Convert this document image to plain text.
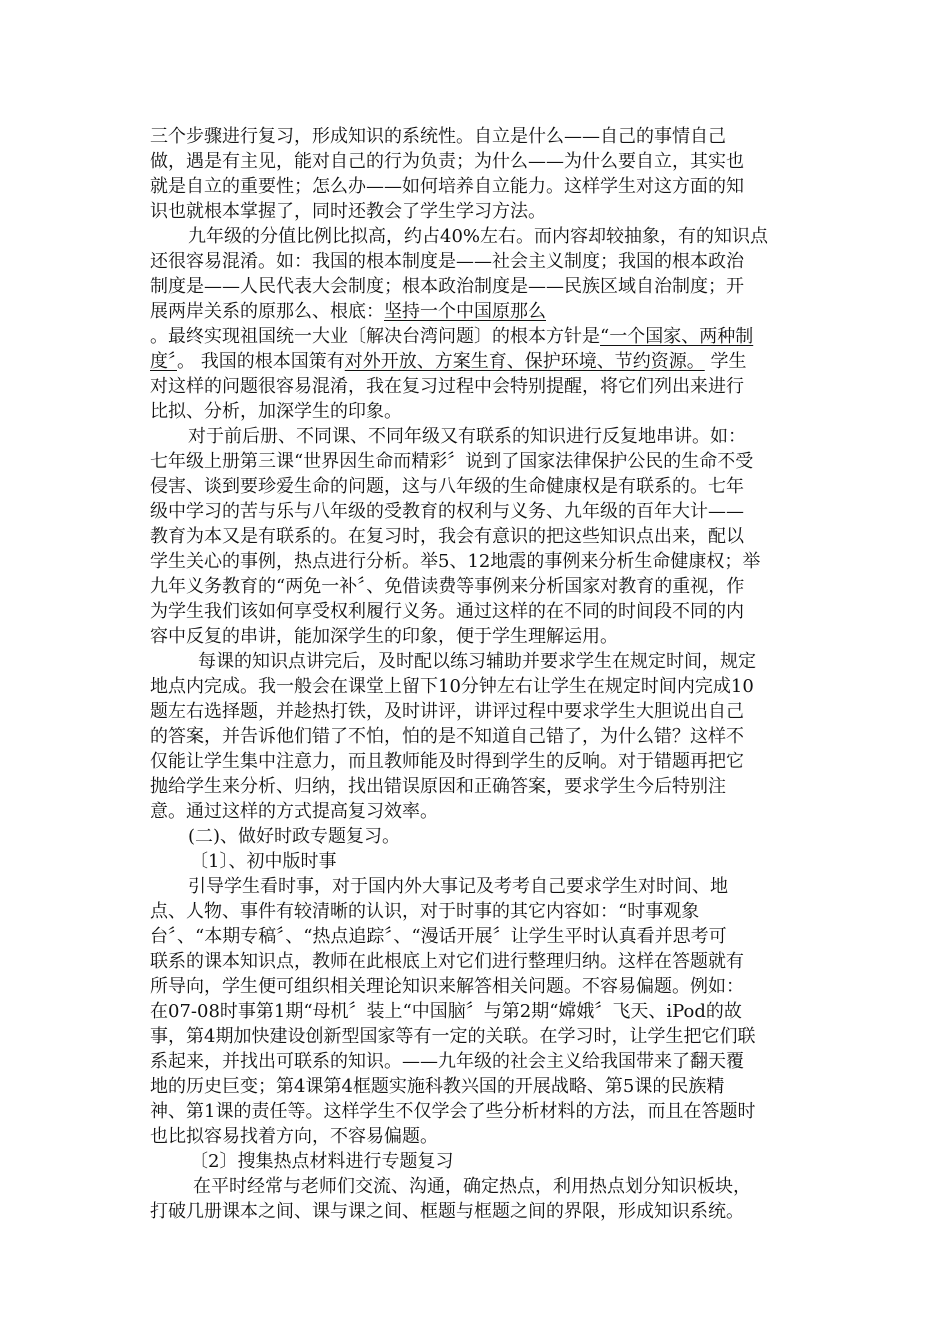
三个步骤进行复习，形成知识的系统性。自立是什么——自己的事情自己
做，遇是有主见，能对自己的行为负责；为什么——为什么要自立，其实也
就是自立的重要性；怎么办——如何培养自立能力。这样学生对这方面的知
识也就根本掌握了，同时还教会了学生学习方法。
九年级的分值比例比拟高，约占40%左右。而内容却较抽象，有的知识点
还很容易混淆。如：我国的根本制度是——社会主义制度；我国的根本政治
制度是——人民代表大会制度；根本政治制度是——民族区域自治制度；开
展两岸关系的原那么、根底：坚持一个中国原那么
。最终实现祖国统一大业〔解决台湾问题〕的根本方针是“一个国家、两种制
度〞。 我国的根本国策有对外开放、方案生育、保护环境、节约资源。 学生
对这样的问题很容易混淆，我在复习过程中会特别提醒，将它们列出来进行
比拟、分析，加深学生的印象。
对于前后册、不同课、不同年级又有联系的知识进行反复地串讲。如：
七年级上册第三课“世界因生命而精彩〞说到了国家法律保护公民的生命不受
侵害、谈到要珍爱生命的问题，这与八年级的生命健康权是有联系的。七年
级中学习的苦与乐与八年级的受教育的权利与义务、九年级的百年大计——
教育为本又是有联系的。在复习时，我会有意识的把这些知识点出来，配以
学生关心的事例，热点进行分析。举5、12地震的事例来分析生命健康权；举
九年义务教育的“两免一补〞、免借读费等事例来分析国家对教育的重视，作
为学生我们该如何享受权利履行义务。通过这样的在不同的时间段不同的内
容中反复的串讲，能加深学生的印象，便于学生理解运用。
每课的知识点讲完后，及时配以练习辅助并要求学生在规定时间，规定
地点内完成。我一般会在课堂上留下10分钟左右让学生在规定时间内完成10
题左右选择题，并趁热打铁，及时讲评，讲评过程中要求学生大胆说出自己
的答案，并告诉他们错了不怕，怕的是不知道自己错了，为什么错？这样不
仅能让学生集中注意力，而且教师能及时得到学生的反响。对于错题再把它
抛给学生来分析、归纳，找出错误原因和正确答案，要求学生今后特别注
意。通过这样的方式提高复习效率。
(二)、做好时政专题复习。
〔1〕、初中版时事
引导学生看时事，对于国内外大事记及考考自己要求学生对时间、地
点、人物、事件有较清晰的认识，对于时事的其它内容如：“时事观象
台〞、“本期专稿〞、“热点追踪〞、“漫话开展〞让学生平时认真看并思考可
联系的课本知识点，教师在此根底上对它们进行整理归纳。这样在答题就有
所导向，学生便可组织相关理论知识来解答相关问题。不容易偏题。例如：
在07-08时事第1期“母机〞装上“中国脑〞与第2期“嫦娥〞飞天、iPod的故
事，第4期加快建设创新型国家等有一定的关联。在学习时，让学生把它们联
系起来，并找出可联系的知识。——九年级的社会主义给我国带来了翻天覆
地的历史巨变；第4课第4框题实施科教兴国的开展战略、第5课的民族精
神、第1课的责任等。这样学生不仅学会了些分析材料的方法，而且在答题时
也比拟容易找着方向，不容易偏题。
〔2〕搜集热点材料进行专题复习
在平时经常与老师们交流、沟通，确定热点，利用热点划分知识板块，
打破几册课本之间、课与课之间、框题与框题之间的界限，形成知识系统。
